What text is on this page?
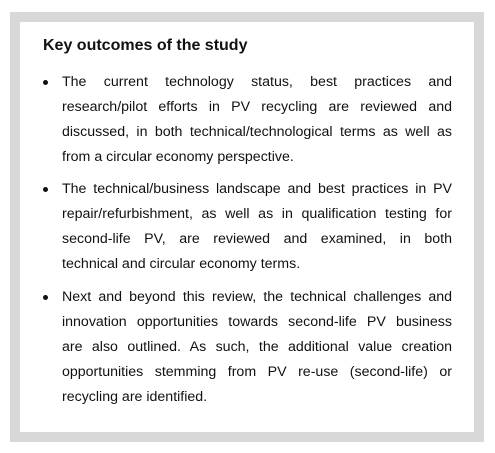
Key outcomes of the study
The current technology status, best practices and
research/pilot efforts in PV recycling are reviewed and
discussed, in both technical/technological terms as well as
from a circular economy perspective.
The technical/business landscape and best practices in PV
repair/refurbishment, as well as in qualification testing for
second-life PV, are reviewed and examined, in both
technical and circular economy terms.
Next and beyond this review, the technical challenges and
innovation opportunities towards second-life PV business
are also outlined. As such, the additional value creation
opportunities stemming from PV re-use (second-life) or
recycling are identified.
